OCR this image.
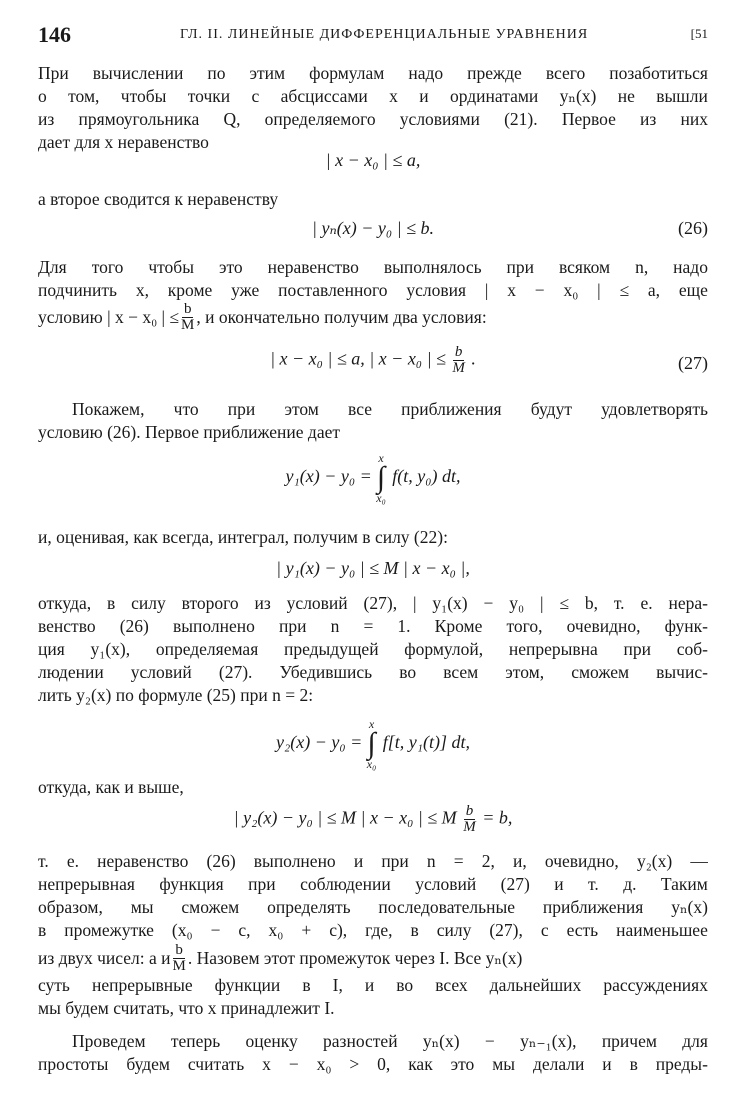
146	ГЛ. II. ЛИНЕЙНЫЕ ДИФФЕРЕНЦИАЛЬНЫЕ УРАВНЕНИЯ	[51
При вычислении по этим формулам надо прежде всего позаботиться
о том, чтобы точки с абсциссами x и ординатами yₙ(x) не вышли
из прямоугольника Q, определяемого условиями (21). Первое из них
дает для x неравенство
| x − x₀ | ≤ a,
а второе сводится к неравенству
| yₙ(x) − y₀ | ≤ b.	(26)
Для того чтобы это неравенство выполнялось при всяком n, надо
подчинить x, кроме уже поставленного условия | x − x₀ | ≤ a, еще
условию | x − x₀ | ≤ $\frac{b}{M}$ , и окончательно получим два условия:
| x − x₀ | ≤ a, | x − x₀ | ≤ $\frac{b}{M}$ .	(27)
Покажем, что при этом все приближения будут удовлетворять
условию (26). Первое приближение дает
y₁(x) − y₀ =
x
∫
x₀
f(t, y₀) dt,
и, оценивая, как всегда, интеграл, получим в силу (22):
| y₁(x) − y₀ | ≤ M | x − x₀ |,
откуда, в силу второго из условий (27), | y₁(x) − y₀ | ≤ b, т. е. нера-
венство (26) выполнено при n = 1. Кроме того, очевидно, функ-
ция y₁(x), определяемая предыдущей формулой, непрерывна при соб-
людении условий (27). Убедившись во всем этом, сможем вычис-
лить y₂(x) по формуле (25) при n = 2:
y₂(x) − y₀ =
x
∫
x₀
f[t, y₁(t)] dt,
откуда, как и выше,
| y₂(x) − y₀ | ≤ M | x − x₀ | ≤ M $\frac{b}{M} = b$,
т. е. неравенство (26) выполнено и при n = 2, и, очевидно, y₂(x) —
непрерывная функция при соблюдении условий (27) и т. д. Таким
образом, мы сможем определять последовательные приближения yₙ(x)
в промежутке (x₀ − c, x₀ + c), где, в силу (27), c есть наименьшее
из двух чисел: a и $\frac{b}{M}$ . Назовем этот промежуток через I. Все yₙ(x)
суть непрерывные функции в I, и во всех дальнейших рассуждениях
мы будем считать, что x принадлежит I.
Проведем теперь оценку разностей yₙ(x) − yₙ₋₁(x), причем для
простоты будем считать x − x₀ > 0, как это мы делали и в преды-
